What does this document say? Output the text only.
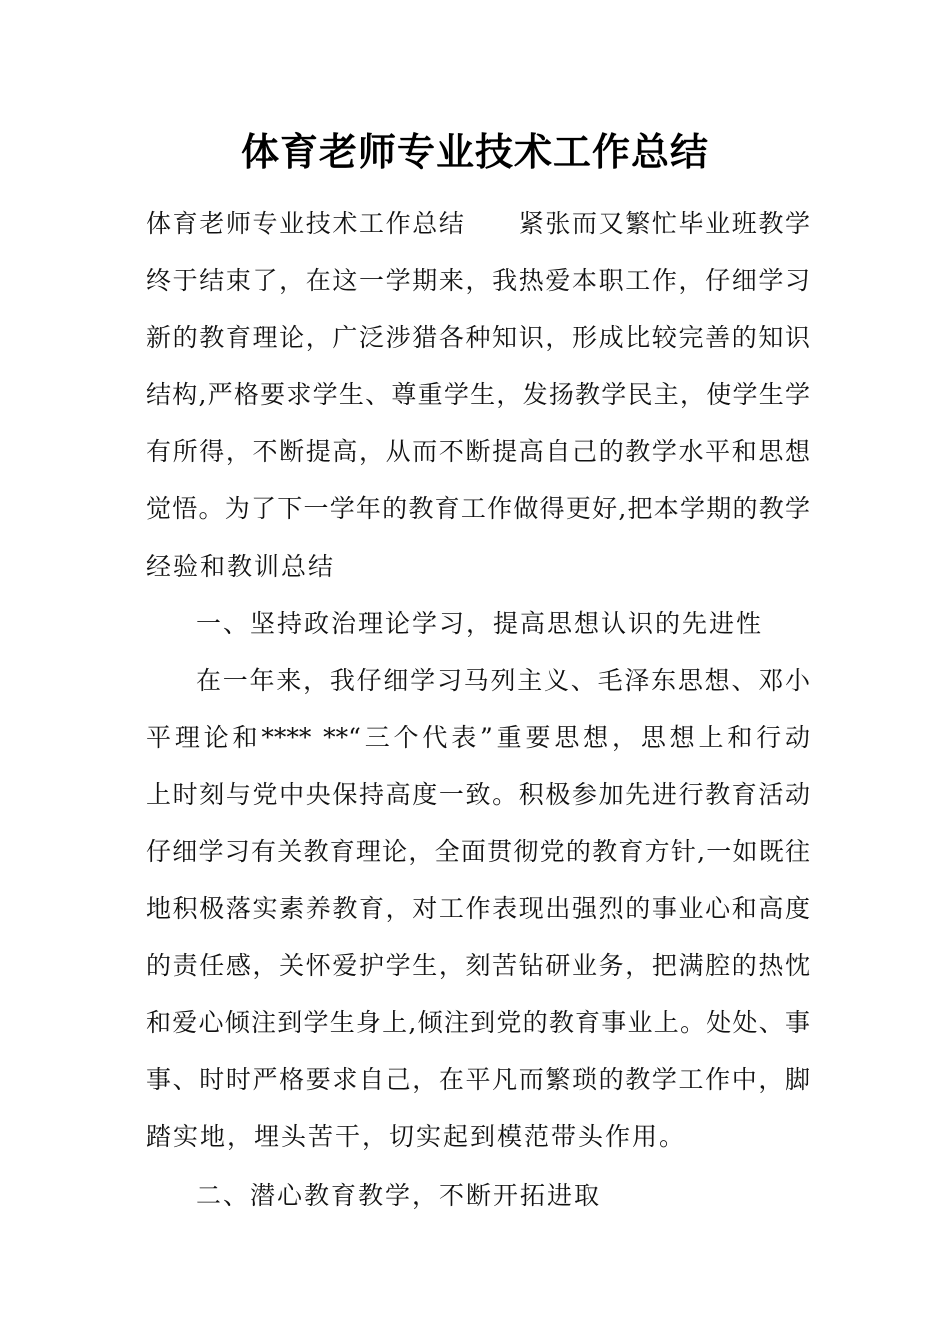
体育老师专业技术工作总结
体育老师专业技术工作总结　　紧张而又繁忙毕业班教学
终于结束了，在这一学期来，我热爱本职工作，仔细学习
新的教育理论，广泛涉猎各种知识，形成比较完善的知识
结构,严格要求学生、尊重学生，发扬教学民主，使学生学
有所得，不断提高，从而不断提高自己的教学水平和思想
觉悟。为了下一学年的教育工作做得更好,把本学期的教学
经验和教训总结
一、坚持政治理论学习，提高思想认识的先进性
在一年来，我仔细学习马列主义、毛泽东思想、邓小
平理论和**** **“三个代表”重要思想，思想上和行动
上时刻与党中央保持高度一致。积极参加先进行教育活动
仔细学习有关教育理论，全面贯彻党的教育方针,一如既往
地积极落实素养教育，对工作表现出强烈的事业心和高度
的责任感，关怀爱护学生，刻苦钻研业务，把满腔的热忱
和爱心倾注到学生身上,倾注到党的教育事业上。处处、事
事、时时严格要求自己，在平凡而繁琐的教学工作中，脚
踏实地，埋头苦干，切实起到模范带头作用。
二、潜心教育教学，不断开拓进取
